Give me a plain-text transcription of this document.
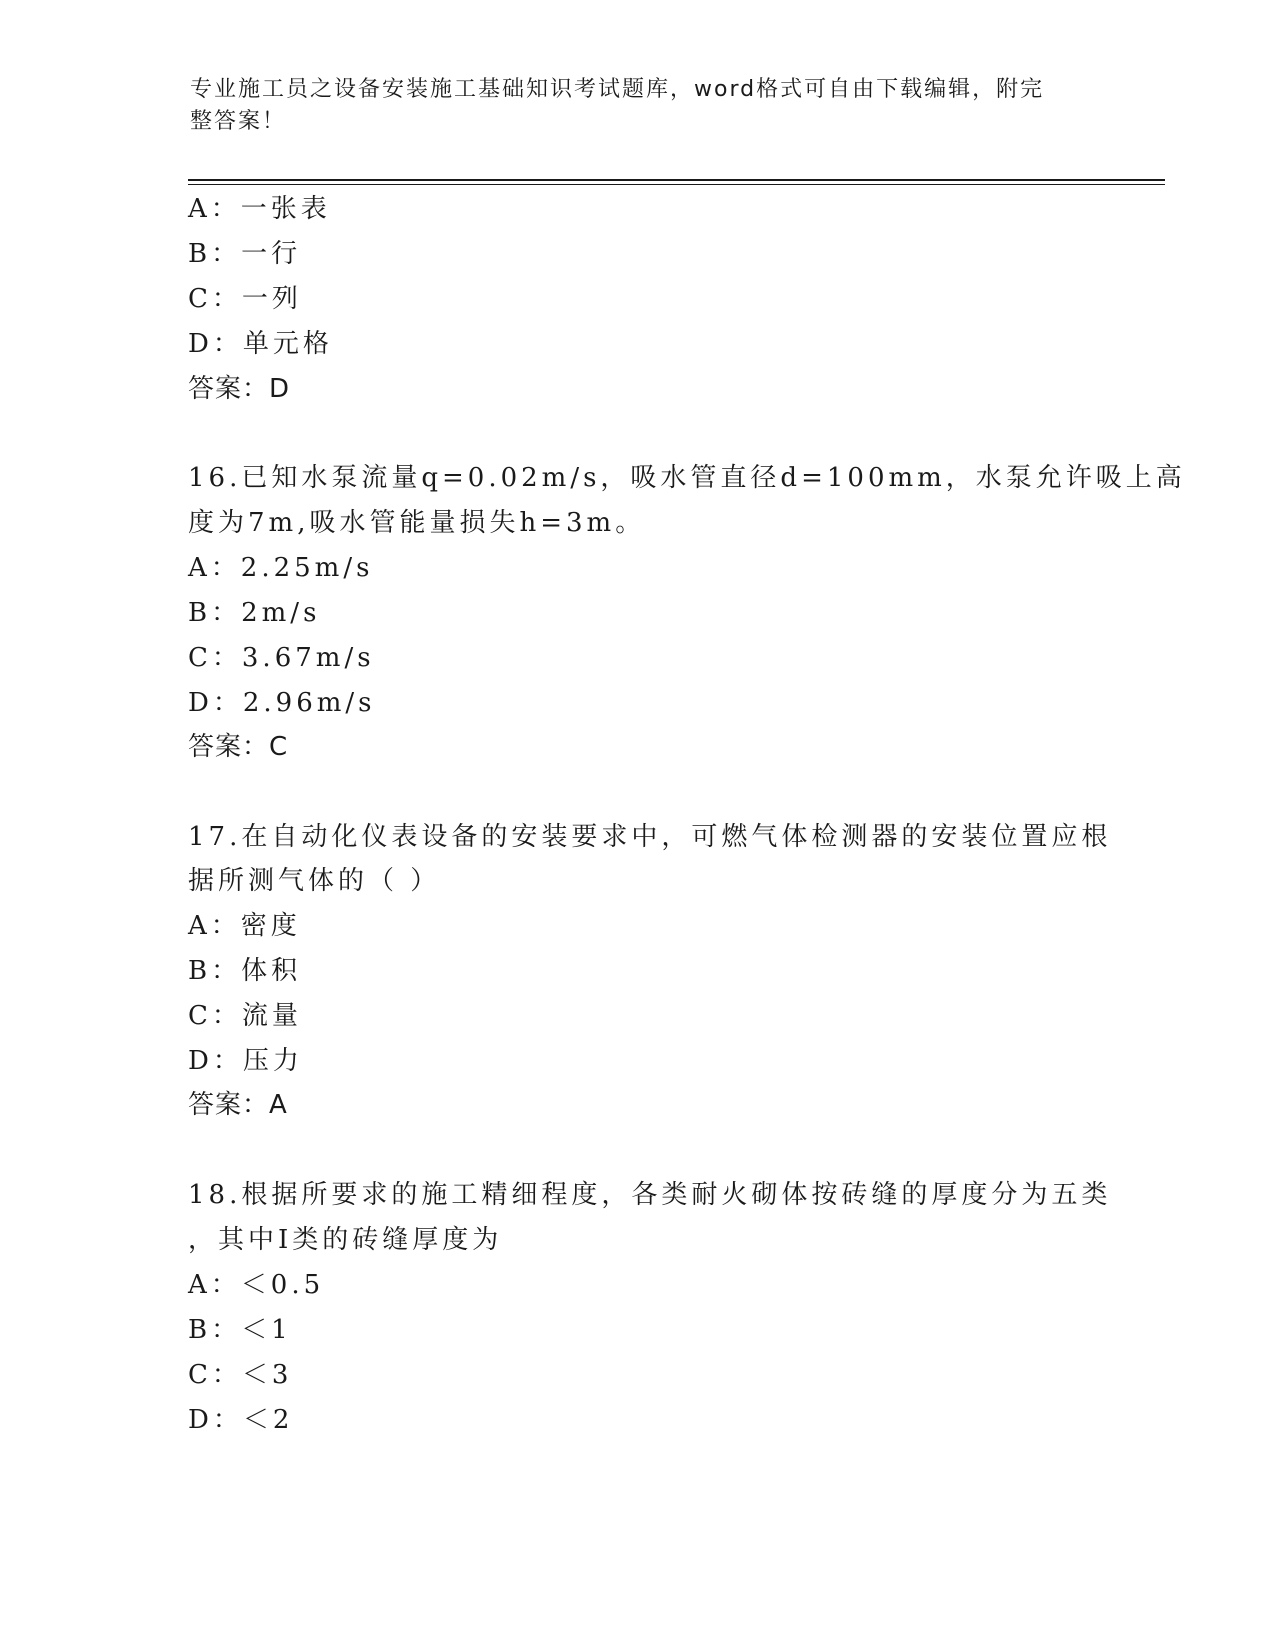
专业施工员之设备安装施工基础知识考试题库，word格式可自由下载编辑，附完
整答案！
A：一张表
B：一行
C：一列
D：单元格
答案：D
16.已知水泵流量q=0.02m/s，吸水管直径d=100mm，水泵允许吸上高
度为7m,吸水管能量损失h=3m。
A：2.25m/s
B：2m/s
C：3.67m/s
D：2.96m/s
答案：C
17.在自动化仪表设备的安装要求中，可燃气体检测器的安装位置应根
据所测气体的（ ）
A：密度
B：体积
C：流量
D：压力
答案：A
18.根据所要求的施工精细程度，各类耐火砌体按砖缝的厚度分为五类
，其中Ⅰ类的砖缝厚度为
A：＜0.5
B：＜1
C：＜3
D：＜2
